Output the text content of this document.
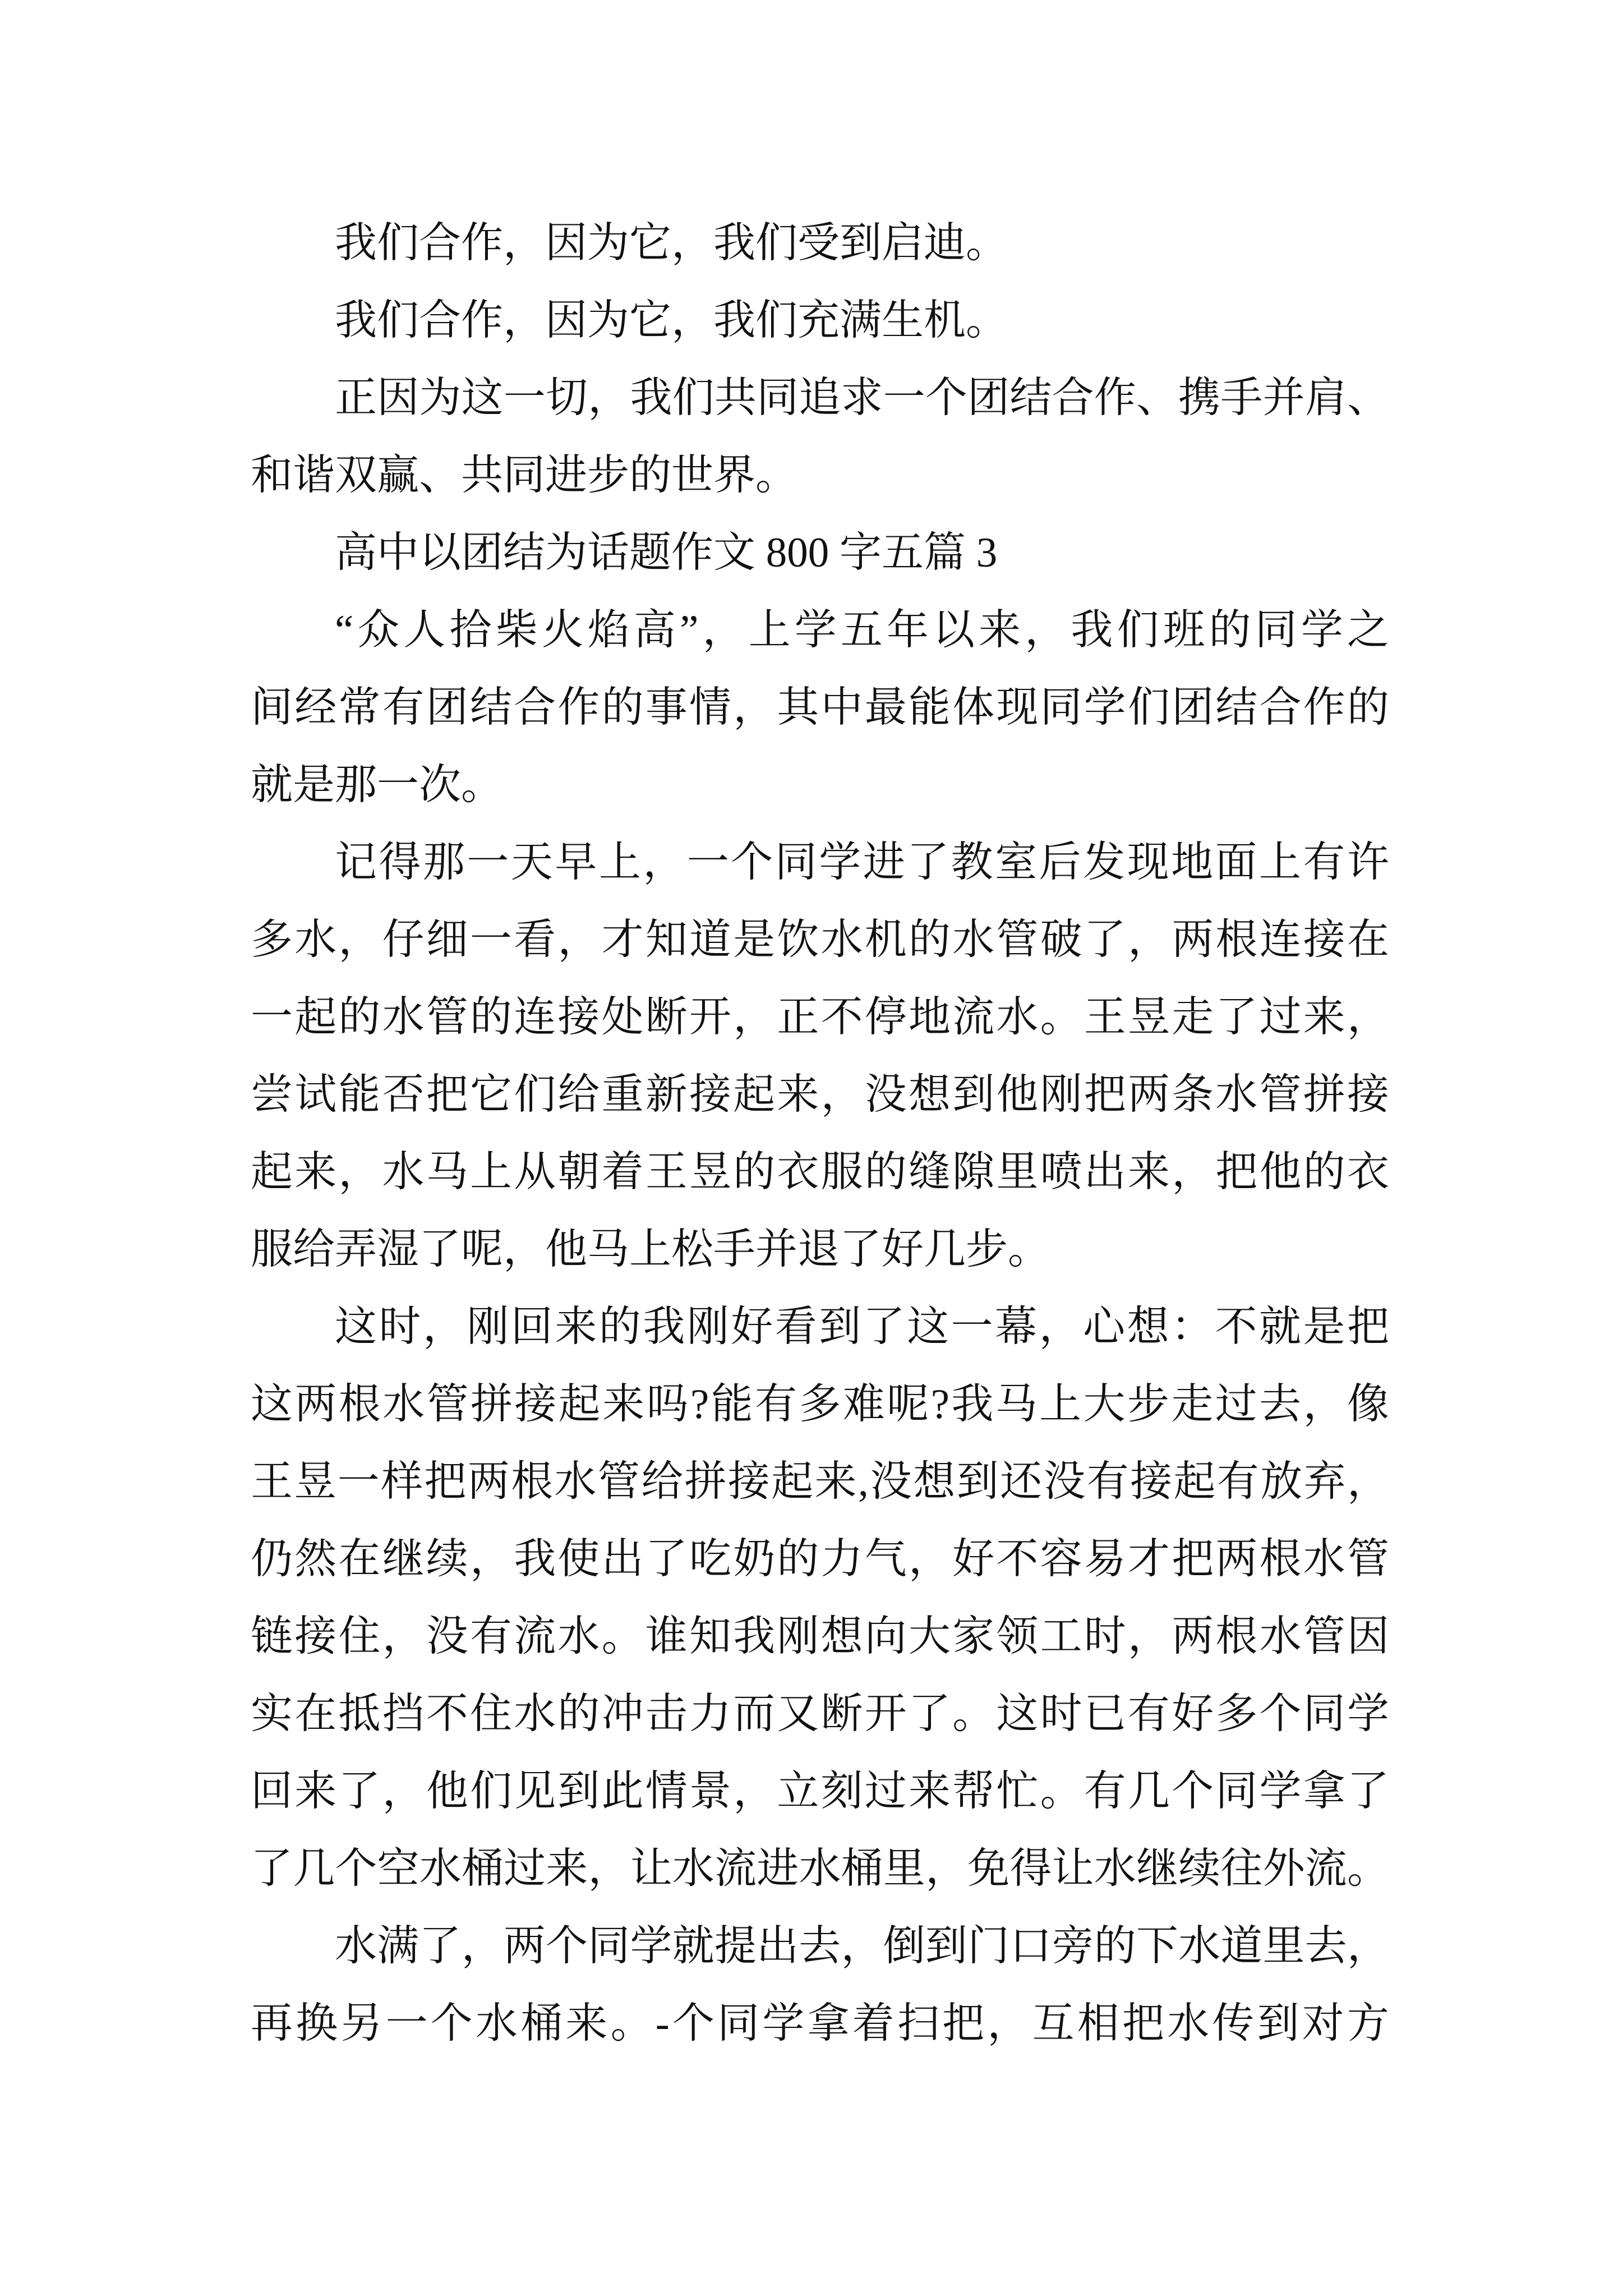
我们合作，因为它，我们受到启迪。
我们合作，因为它，我们充满生机。
正因为这一切，我们共同追求一个团结合作、携手并肩、
和谐双赢、共同进步的世界。
高中以团结为话题作文 800 字五篇 3
“众人拾柴火焰高”，上学五年以来，我们班的同学之
间经常有团结合作的事情，其中最能体现同学们团结合作的
就是那一次。
记得那一天早上，一个同学进了教室后发现地面上有许
多水，仔细一看，才知道是饮水机的水管破了，两根连接在
一起的水管的连接处断开，正不停地流水。王昱走了过来，
尝试能否把它们给重新接起来，没想到他刚把两条水管拼接
起来，水马上从朝着王昱的衣服的缝隙里喷出来，把他的衣
服给弄湿了呢，他马上松手并退了好几步。
这时，刚回来的我刚好看到了这一幕，心想：不就是把
这两根水管拼接起来吗?能有多难呢?我马上大步走过去，像
王昱一样把两根水管给拼接起来,没想到还没有接起有放弃，
仍然在继续，我使出了吃奶的力气，好不容易才把两根水管
链接住，没有流水。谁知我刚想向大家领工时，两根水管因
实在抵挡不住水的冲击力而又断开了。这时已有好多个同学
回来了，他们见到此情景，立刻过来帮忙。有几个同学拿了
了几个空水桶过来，让水流进水桶里，免得让水继续往外流。
水满了，两个同学就提出去，倒到门口旁的下水道里去，
再换另一个水桶来。-个同学拿着扫把，互相把水传到对方
